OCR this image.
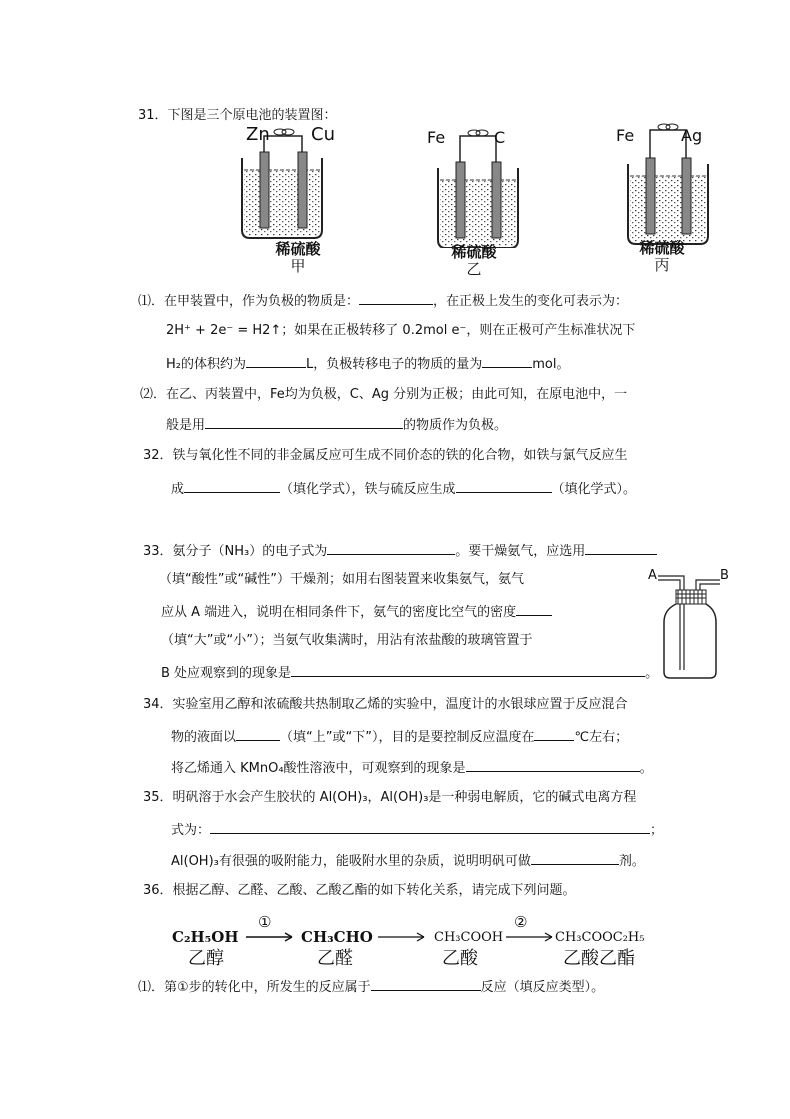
31．下图是三个原电池的装置图：
Zn Cu	Fe	C	Fe	Ag
稀硫酸
甲
稀硫酸
乙
稀硫酸
丙
⑴．在甲装置中，作为负极的物质是：	，在正极上发生的变化可表示为：
2H⁺ + 2e⁻ = H2↑；如果在正极转移了 0.2mol e⁻，则在正极可产生标准状况下
H₂的体积约为	L，负极转移电子的物质的量为	mol。
⑵．在乙、丙装置中，Fe均为负极，C、Ag 分别为正极；由此可知，在原电池中，一
般是用	的物质作为负极。
32．铁与氧化性不同的非金属反应可生成不同价态的铁的化合物，如铁与氯气反应生
成	（填化学式），铁与硫反应生成	（填化学式）。
33．氨分子（NH₃）的电子式为	。要干燥氨气，应选用
（填“酸性”或“碱性”）干燥剂；如用右图装置来收集氨气，氨气
应从 A 端进入，说明在相同条件下，氨气的密度比空气的密度
（填“大”或“小”）；当氨气收集满时，用沾有浓盐酸的玻璃管置于
B 处应观察到的现象是	。
A	B
34．实验室用乙醇和浓硫酸共热制取乙烯的实验中，温度计的水银球应置于反应混合
物的液面以	（填“上”或“下”），目的是要控制反应温度在	℃左右；
将乙烯通入 KMnO₄酸性溶液中，可观察到的现象是	。
35．明矾溶于水会产生胶状的 Al(OH)₃，Al(OH)₃是一种弱电解质，它的碱式电离方程
式为：	；
Al(OH)₃有很强的吸附能力，能吸附水里的杂质，说明明矾可做	剂。
36．根据乙醇、乙醛、乙酸、乙酸乙酯的如下转化关系，请完成下列问题。
C₂H₅OH
乙醇
CH₃CHO
乙醛
CH₃COOH
乙酸
CH₃COOC₂H₅
乙酸乙酯
①	②
⑴．第①步的转化中，所发生的反应属于	反应（填反应类型）。
